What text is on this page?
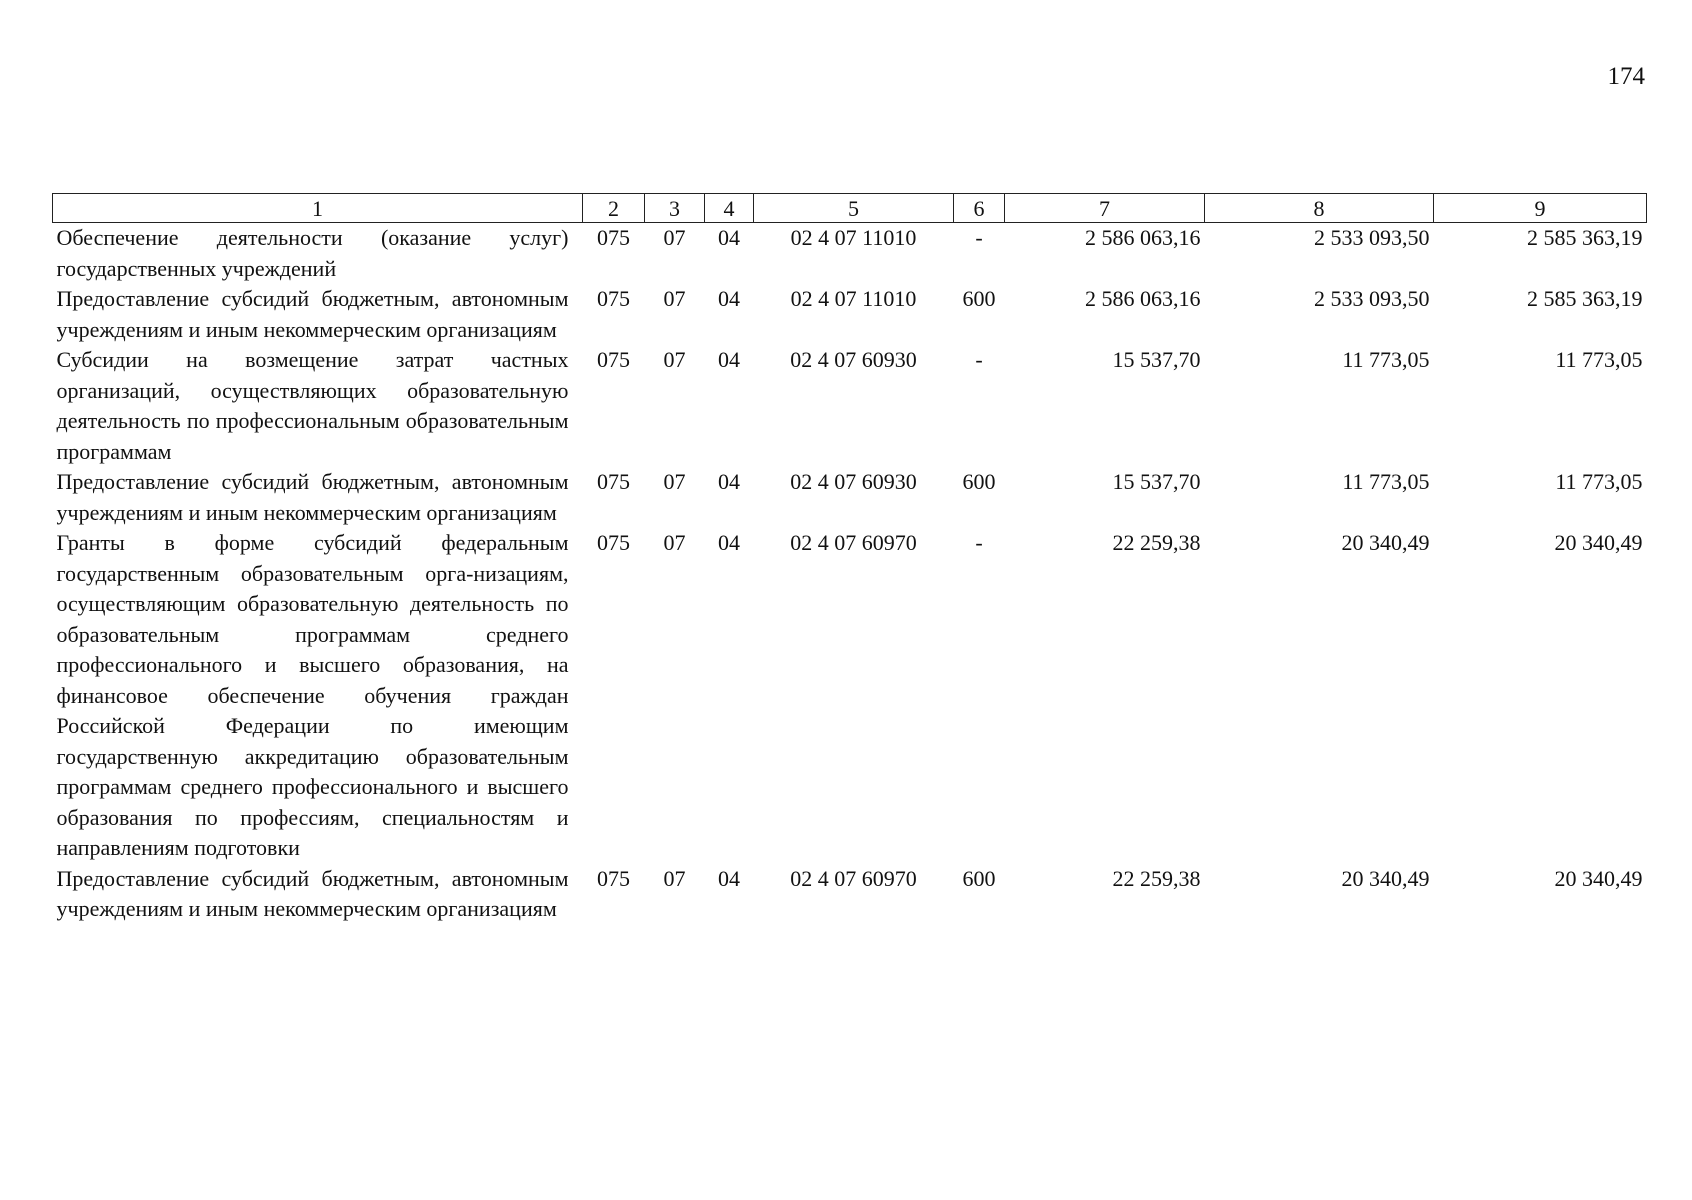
174
1	2	3	4	5	6	7	8	9
Обеспечение деятельности (оказание услуг) государственных учреждений	075	07	04	02 4 07 11010	-	2 586 063,16	2 533 093,50	2 585 363,19
Предоставление субсидий бюджетным, автономным учреждениям и иным некоммерческим организациям	075	07	04	02 4 07 11010	600	2 586 063,16	2 533 093,50	2 585 363,19
Субсидии на возмещение затрат частных организаций, осуществляющих образовательную деятельность по профессиональным образовательным программам	075	07	04	02 4 07 60930	-	15 537,70	11 773,05	11 773,05
Предоставление субсидий бюджетным, автономным учреждениям и иным некоммерческим организациям	075	07	04	02 4 07 60930	600	15 537,70	11 773,05	11 773,05
Гранты в форме субсидий федеральным государственным образовательным орга-низациям, осуществляющим образовательную деятельность по образовательным программам среднего профессионального и высшего образования, на финансовое обеспечение обучения граждан Российской Федерации по имеющим государственную аккредитацию образовательным программам среднего профессионального и высшего образования по профессиям, специальностям и направлениям подготовки	075	07	04	02 4 07 60970	-	22 259,38	20 340,49	20 340,49
Предоставление субсидий бюджетным, автономным учреждениям и иным некоммерческим организациям	075	07	04	02 4 07 60970	600	22 259,38	20 340,49	20 340,49
